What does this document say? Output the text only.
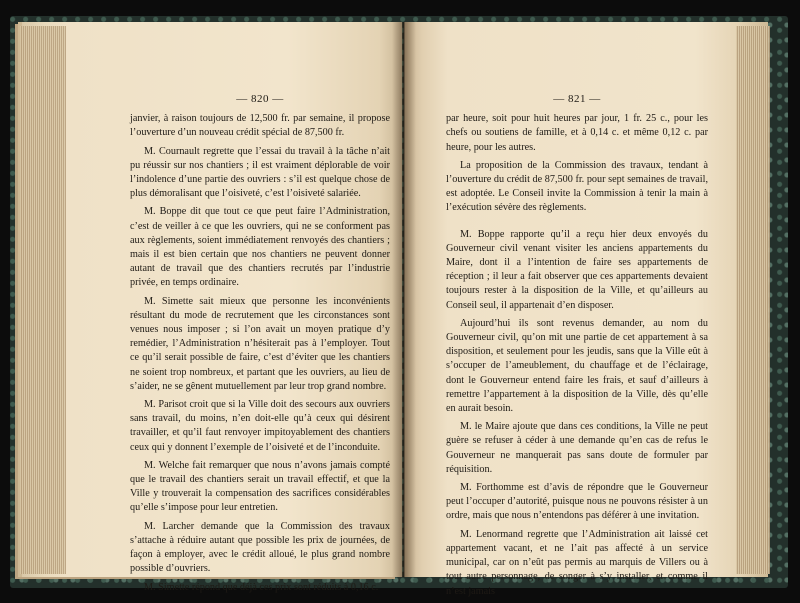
— 820 —

janvier, à raison toujours de 12,500 fr. par semaine, il propose l’ouverture d’un nouveau crédit spécial de 87,500 fr.

M. Cournault regrette que l’essai du travail à la tâche n’ait pu réussir sur nos chantiers ; il est vraiment déplorable de voir l’indolence d’une partie des ouvriers : s’il est quelque chose de plus démoralisant que l’oisiveté, c’est l’oisiveté salariée.

M. Boppe dit que tout ce que peut faire l’Administration, c’est de veiller à ce que les ouvriers, qui ne se conforment pas aux règlements, soient immédiatement renvoyés des chantiers ; mais il est bien certain que nos chantiers ne peuvent donner autant de travail que des chantiers recrutés par l’industrie privée, en temps ordinaire.

M. Simette sait mieux que personne les inconvénients résultant du mode de recrutement que les circonstances sont venues nous imposer ; si l’on avait un moyen pratique d’y remédier, l’Administration n’hésiterait pas à l’employer. Tout ce qu’il serait possible de faire, c’est d’éviter que les chantiers ne soient trop nombreux, et partant que les ouvriers, au lieu de s’aider, ne se gênent mutuellement par leur trop grand nombre.

M. Parisot croit que si la Ville doit des secours aux ouvriers sans travail, du moins, n’en doit-elle qu’à ceux qui désirent travailler, et qu’il faut renvoyer impitoyablement des chantiers ceux qui y donnent l’exemple de l’oisiveté et de l’inconduite.

M. Welche fait remarquer que nous n’avons jamais compté que le travail des chantiers serait un travail effectif, et que la Ville y trouverait la compensation des sacrifices considérables qu’elle s’impose pour leur entretien.

M. Larcher demande que la Commission des travaux s’attache à réduire autant que possible les prix de journées, de façon à employer, avec le crédit alloué, le plus grand nombre possible d’ouvriers.

M. Simette répond que déjà ces prix sont réduits à 0,16 c.

— 821 —

par heure, soit pour huit heures par jour, 1 fr. 25 c., pour les chefs ou soutiens de famille, et à 0,14 c. et même 0,12 c. par heure, pour les autres.

La proposition de la Commission des travaux, tendant à l’ouverture du crédit de 87,500 fr. pour sept semaines de travail, est adoptée. Le Conseil invite la Commission à tenir la main à l’exécution sévère des règlements.

M. Boppe rapporte qu’il a reçu hier deux envoyés du Gouverneur civil venant visiter les anciens appartements du Maire, dont il a l’intention de faire ses appartements de réception ; il leur a fait observer que ces appartements devaient toujours rester à la disposition de la Ville, et qu’ailleurs au Conseil seul, il appartenait d’en disposer.

Aujourd’hui ils sont revenus demander, au nom du Gouverneur civil, qu’on mit une partie de cet appartement à sa disposition, et seulement pour les jeudis, sans que la Ville eût à s’occuper de l’ameublement, du chauffage et de l’éclairage, dont le Gouverneur entend faire les frais, et sauf d’ailleurs à remettre l’appartement à la disposition de la Ville, dès qu’elle en aurait besoin.

M. le Maire ajoute que dans ces conditions, la Ville ne peut guère se refuser à céder à une demande qu’en cas de refus le Gouverneur ne manquerait pas sans doute de formuler par réquisition.

M. Forthomme est d’avis de répondre que le Gouverneur peut l’occuper d’autorité, puisque nous ne pouvons résister à un ordre, mais que nous n’entendons pas déférer à une invitation.

M. Lenormand regrette que l’Administration ait laissé cet appartement vacant, et ne l’ait pas affecté à un service municipal, car on n’eût pas permis au marquis de Villers ou à tout autre personnage, de songer à s’y installer, et comme il n’est jamais
